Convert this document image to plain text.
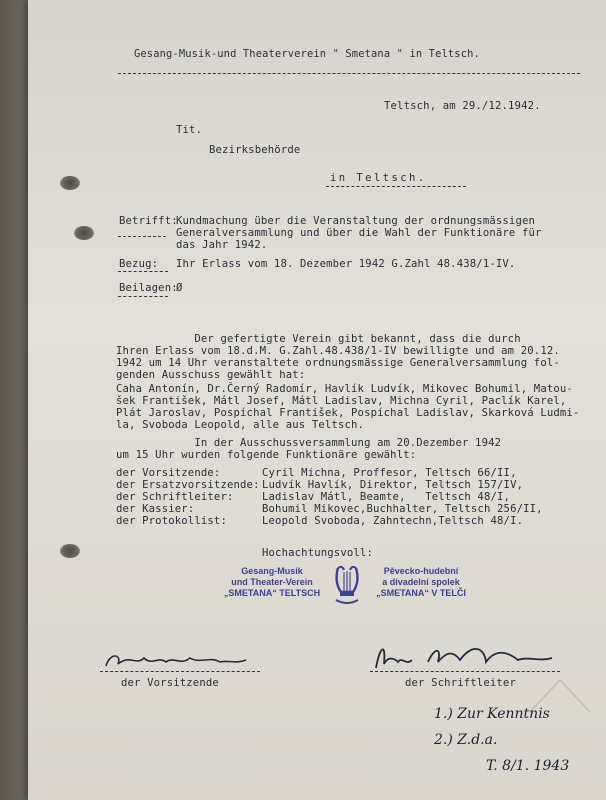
Gesang-Musik-und Theaterverein " Smetana " in Teltsch.
Teltsch, am 29./12.1942.
Tit.
Bezirksbehörde
in Teltsch.
Betrifft:
Kundmachung über die Veranstaltung der ordnungsmässigen
Generalversammlung und über die Wahl der Funktionäre für
das Jahr 1942.
Bezug: Ihr Erlass vom 18. Dezember 1942 G.Zahl 48.438/1-IV.
Beilagen:
Ø
Der gefertigte Verein gibt bekannt, dass die durch
Ihren Erlass vom 18.d.M. G.Zahl.48.438/1-IV bewilligte und am 20.12.
1942 um 14 Uhr veranstaltete ordnungsmässige Generalversammlung fol-
genden Ausschuss gewählt hat:
Caha Antonín, Dr.Černý Radomír, Havlík Ludvík, Mikovec Bohumil, Matou-
šek František, Mátl Josef, Mátl Ladislav, Michna Cyril, Paclík Karel,
Plát Jaroslav, Pospíchal František, Pospíchal Ladislav, Skarková Ludmi-
la, Svoboda Leopold, alle aus Teltsch.
In der Ausschussversammlung am 20.Dezember 1942
um 15 Uhr wurden folgende Funktionäre gewählt:
der Vorsitzende:	Cyril Michna, Proffesor, Teltsch 66/II,
der Ersatzvorsitzende: Ludvík Havlík, Direktor, Teltsch 157/IV,
der Schriftleiter:	Ladislav Mátl, Beamte,   Teltsch 48/I,
der Kassier:	Bohumil Mikovec,Buchhalter, Teltsch 256/II,
der Protokollist:	Leopold Svoboda, Zahntechn,Teltsch 48/I.
Hochachtungsvoll:
Gesang-Musik
und Theater-Verein
„SMETANA“ TELTSCH
Pěvecko-hudební
a divadelní spolek
„SMETANA“ V TELČI
der Vorsitzende	der Schriftleiter
1.) Zur Kenntnis
2.) Z.d.a.
T. 8/1. 1943
